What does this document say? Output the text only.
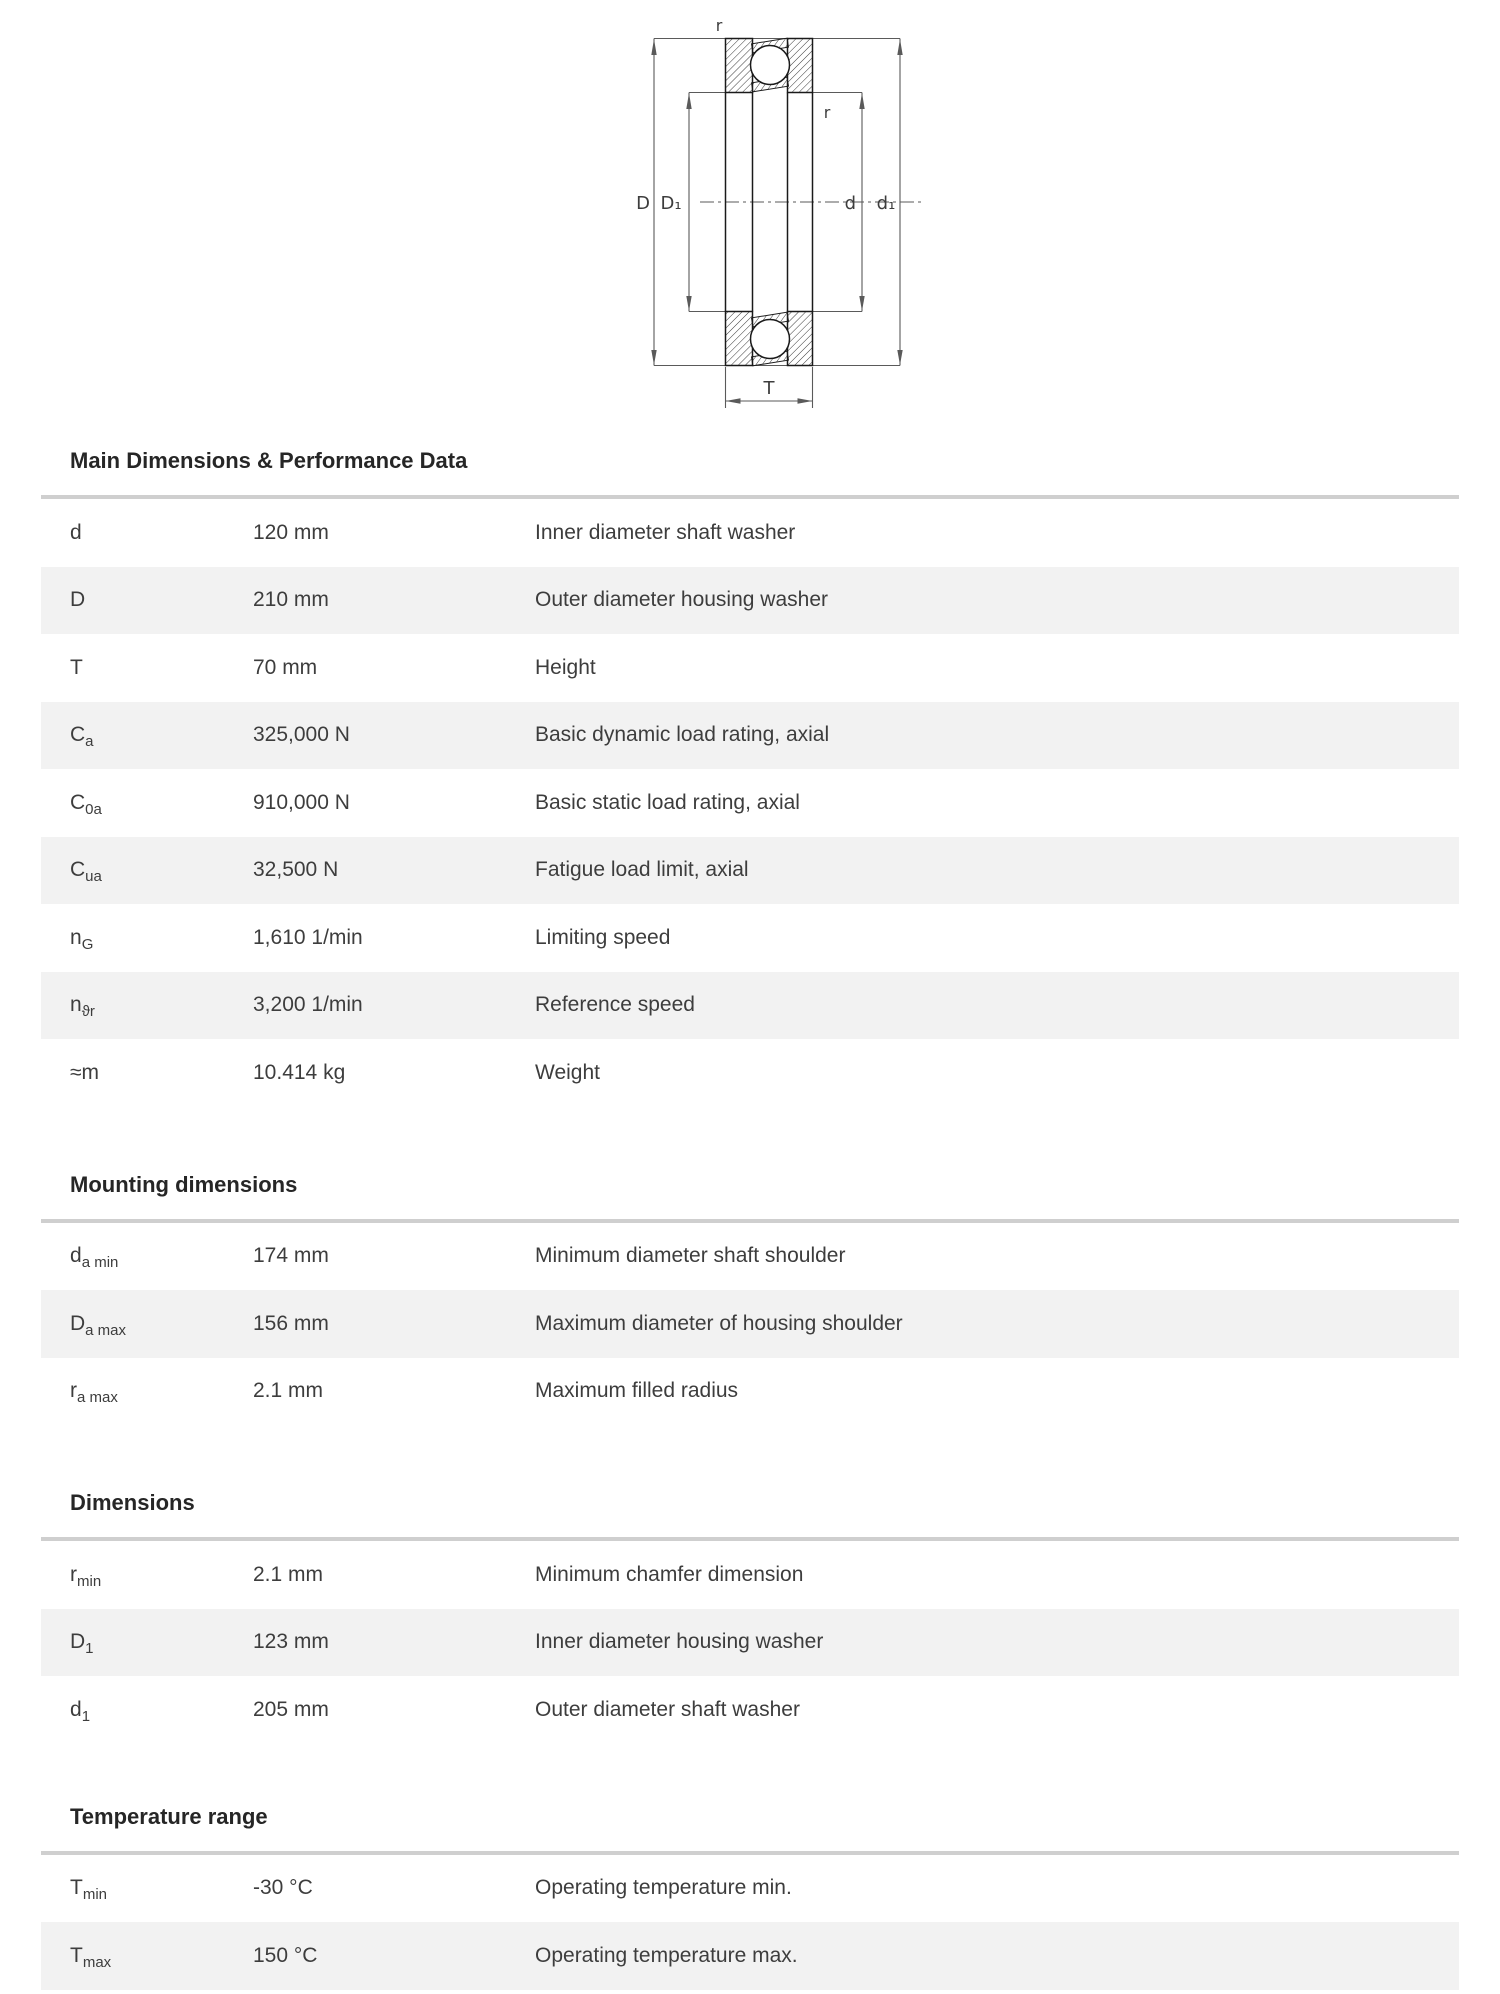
r
r
D D₁	d d₁
T
Main Dimensions & Performance Data
d	120 mm	Inner diameter shaft washer
D	210 mm	Outer diameter housing washer
T	70 mm	Height
$C_a$	325,000 N	Basic dynamic load rating, axial
$C_{0a}$	910,000 N	Basic static load rating, axial
$C_{ua}$	32,500 N	Fatigue load limit, axial
$n_G$	1,610 1/min	Limiting speed
$n_{ϑr}$	3,200 1/min	Reference speed
≈m	10.414 kg	Weight
Mounting dimensions
$d_{a min}$	174 mm	Minimum diameter shaft shoulder
$D_{a max}$	156 mm	Maximum diameter of housing shoulder
$r_{a max}$	2.1 mm	Maximum filled radius
Dimensions
$r_{min}$	2.1 mm	Minimum chamfer dimension
$D_1$	123 mm	Inner diameter housing washer
$d_1$	205 mm	Outer diameter shaft washer
Temperature range
$T_{min}$	-30 °C	Operating temperature min.
$T_{max}$	150 °C	Operating temperature max.
